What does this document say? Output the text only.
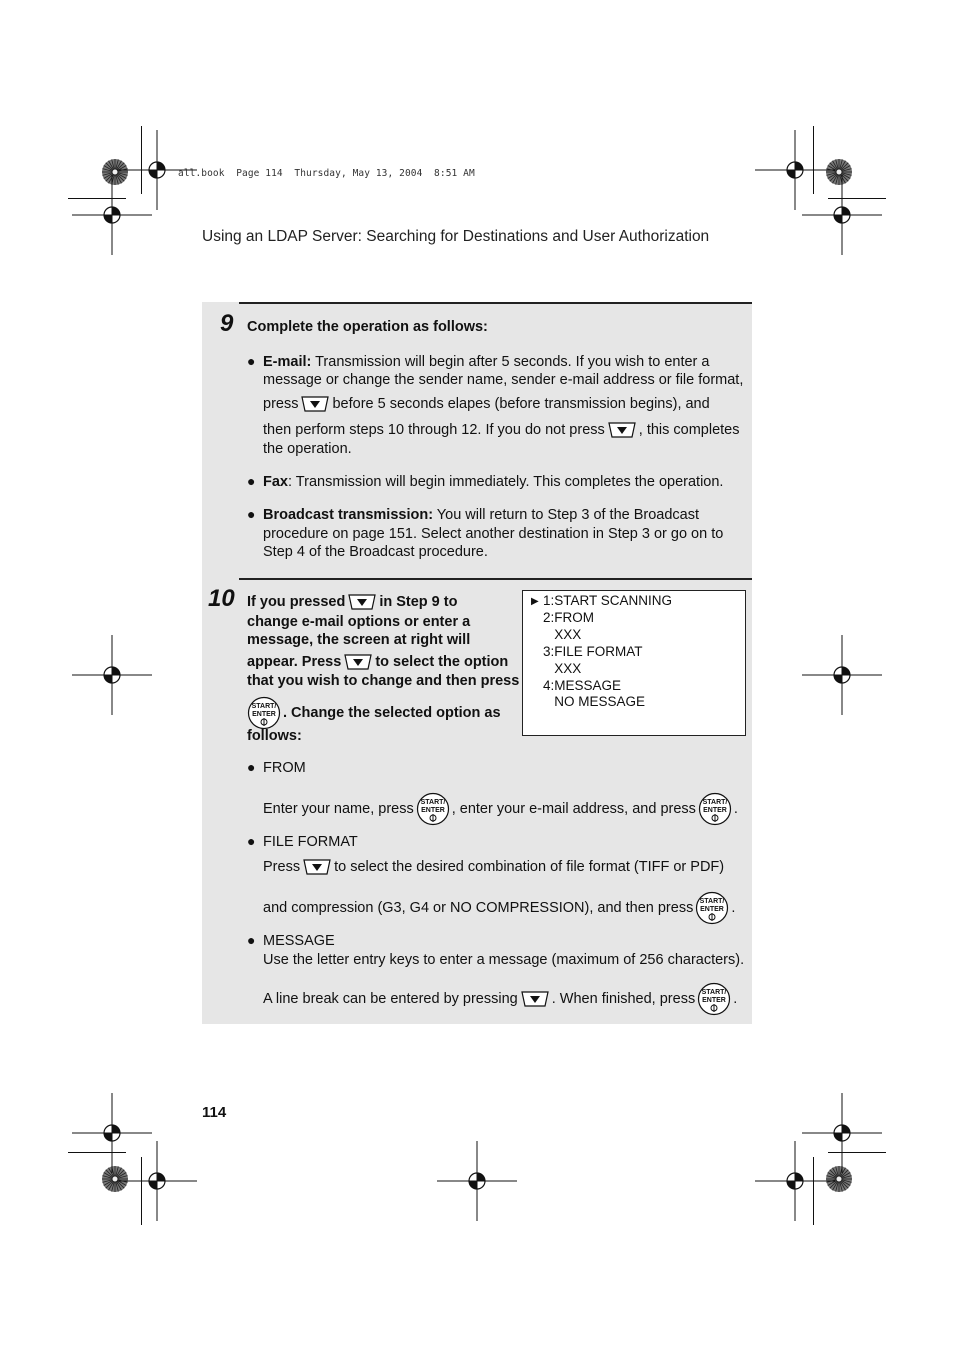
all.book  Page 114  Thursday, May 13, 2004  8:51 AM
Using an LDAP Server: Searching for Destinations and User Authorization
9 Complete the operation as follows:
● E-mail: Transmission will begin after 5 seconds. If you wish to enter a
message or change the sender name, sender e-mail address or file format,
press before 5 seconds elapes (before transmission begins), and
then perform steps 10 through 12. If you do not press , this completes
the operation.
● Fax: Transmission will begin immediately. This completes the operation.
● Broadcast transmission: You will return to Step 3 of the Broadcast
procedure on page 151. Select another destination in Step 3 or go on to
Step 4 of the Broadcast procedure.
10 If you pressed in Step 9 to
change e-mail options or enter a
message, the screen at right will
appear. Press to select the option
that you wish to change and then press
START/
ENTER . Change the selected option as
follows:
▶ 1:START SCANNING
2:FROM
XXX
3:FILE FORMAT
XXX
4:MESSAGE
NO MESSAGE
● FROM
Enter your name, press START/
ENTER , enter your e-mail address, and press START/
ENTER .
● FILE FORMAT
Press to select the desired combination of file format (TIFF or PDF)
and compression (G3, G4 or NO COMPRESSION), and then press START/
ENTER .
● MESSAGE
Use the letter entry keys to enter a message (maximum of 256 characters).
A line break can be entered by pressing . When finished, press START/
ENTER .
114
